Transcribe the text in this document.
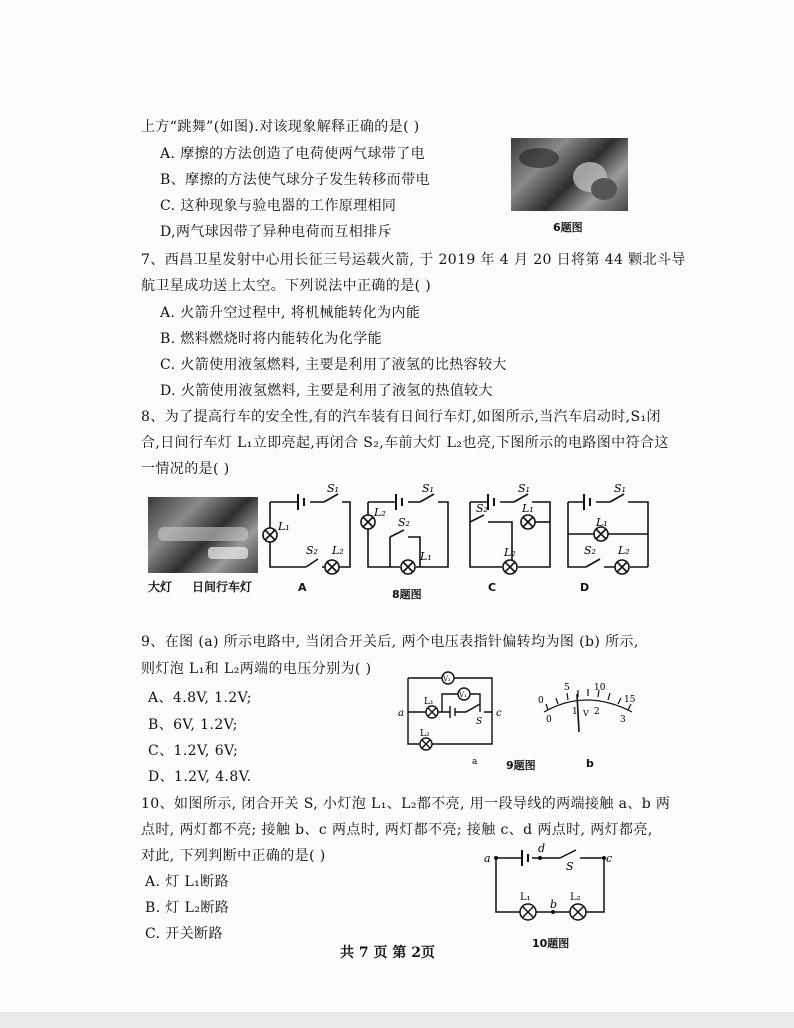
上方“跳舞”(如图).对该现象解释正确的是( )
A. 摩擦的方法创造了电荷使两气球带了电
B、摩擦的方法使气球分子发生转移而带电
C. 这种现象与验电器的工作原理相同
D,两气球因带了异种电荷而互相排斥	6题图
7、西昌卫星发射中心用长征三号运载火箭, 于 2019 年 4 月 20 日将第 44 颗北斗导
航卫星成功送上太空。下列说法中正确的是( )
A. 火箭升空过程中, 将机械能转化为内能
B. 燃料燃烧时将内能转化为化学能
C. 火箭使用液氢燃料, 主要是利用了液氢的比热容较大
D. 火箭使用液氢燃料, 主要是利用了液氢的热值较大
8、为了提高行车的安全性,有的汽车装有日间行车灯,如图所示,当汽车启动时,S₁闭
合,日间行车灯 L₁立即亮起,再闭合 S₂,车前大灯 L₂也亮,下图所示的电路图中符合这
一情况的是( )
大灯 日间行车灯
S₁
L₁
S₂ L₂
A
S₁
L₂
S₂
L₁
8题图
S₁
S₂	L₁
L₂
C
S₁
L₁
S₂ L₂
D
9、在图 (a) 所示电路中, 当闭合开关后, 两个电压表指针偏转均为图 (b) 所示,
则灯泡 L₁和 L₂两端的电压分别为( )
A、4.8V, 1.2V;
B、6V, 1.2V;
C、1.2V, 6V;
D、1.2V, 4.8V.
V₂
V₁
L₁
L₂
S
a	c
a
0
5	10
15
0
1 2
3
V
9题图	b
10、如图所示, 闭合开关 S, 小灯泡 L₁、L₂都不亮, 用一段导线的两端接触 a、b 两
点时, 两灯都不亮; 接触 b、c 两点时, 两灯都不亮; 接触 c、d 两点时, 两灯都亮,
对此, 下列判断中正确的是( )
A. 灯 L₁断路
B. 灯 L₂断路
C. 开关断路
a
d
S
c
b
L₁	L₂
10题图
共 7 页 第 2页
